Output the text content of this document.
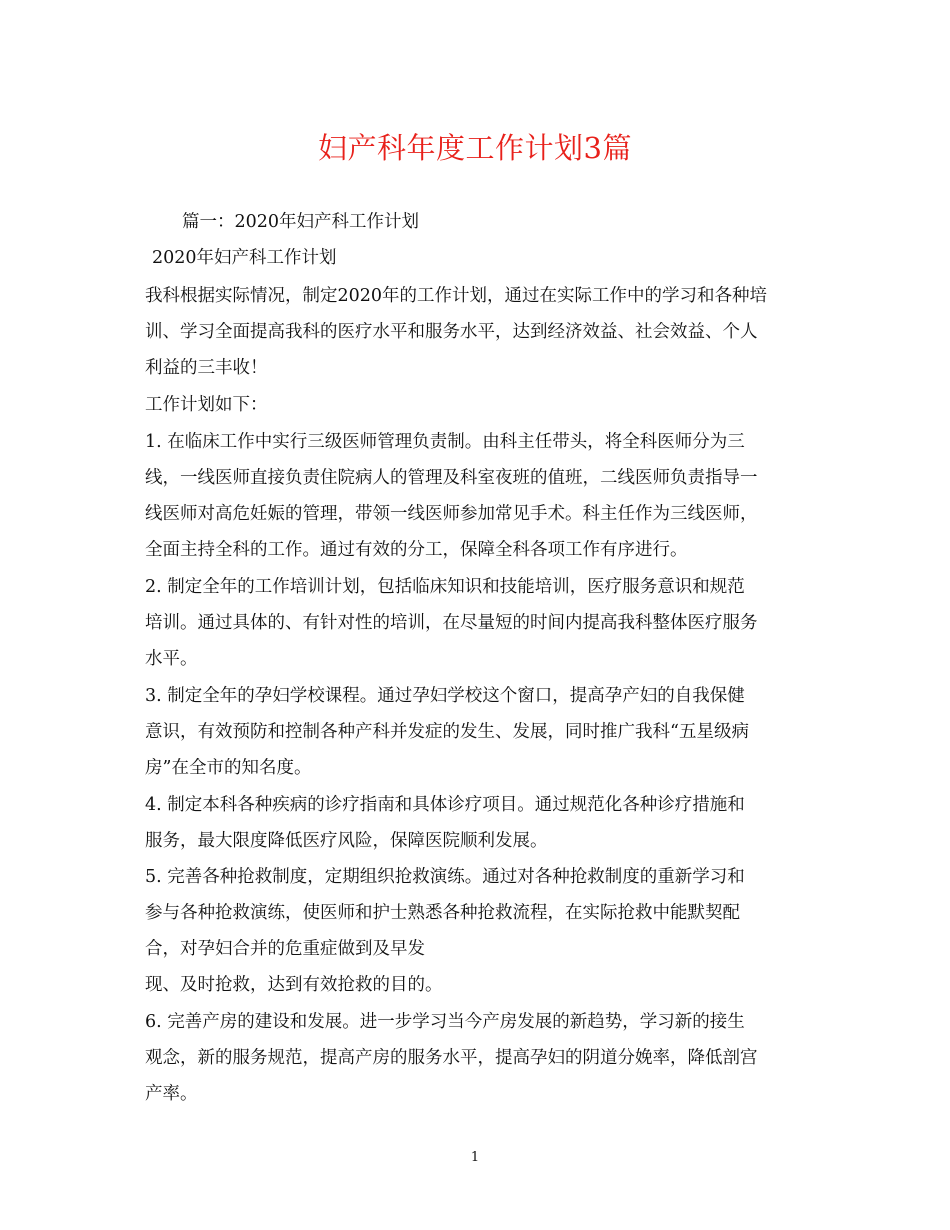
妇产科年度工作计划3篇
篇一：2020年妇产科工作计划
2020年妇产科工作计划
我科根据实际情况，制定2020年的工作计划，通过在实际工作中的学习和各种培
训、学习全面提高我科的医疗水平和服务水平，达到经济效益、社会效益、个人
利益的三丰收！
工作计划如下：
1. 在临床工作中实行三级医师管理负责制。由科主任带头，将全科医师分为三
线，一线医师直接负责住院病人的管理及科室夜班的值班，二线医师负责指导一
线医师对高危妊娠的管理，带领一线医师参加常见手术。科主任作为三线医师，
全面主持全科的工作。通过有效的分工，保障全科各项工作有序进行。
2. 制定全年的工作培训计划，包括临床知识和技能培训，医疗服务意识和规范
培训。通过具体的、有针对性的培训，在尽量短的时间内提高我科整体医疗服务
水平。
3. 制定全年的孕妇学校课程。通过孕妇学校这个窗口，提高孕产妇的自我保健
意识，有效预防和控制各种产科并发症的发生、发展，同时推广我科“五星级病
房”在全市的知名度。
4. 制定本科各种疾病的诊疗指南和具体诊疗项目。通过规范化各种诊疗措施和
服务，最大限度降低医疗风险，保障医院顺利发展。
5. 完善各种抢救制度，定期组织抢救演练。通过对各种抢救制度的重新学习和
参与各种抢救演练，使医师和护士熟悉各种抢救流程，在实际抢救中能默契配
合，对孕妇合并的危重症做到及早发
现、及时抢救，达到有效抢救的目的。
6. 完善产房的建设和发展。进一步学习当今产房发展的新趋势，学习新的接生
观念，新的服务规范，提高产房的服务水平，提高孕妇的阴道分娩率，降低剖宫
产率。
1
